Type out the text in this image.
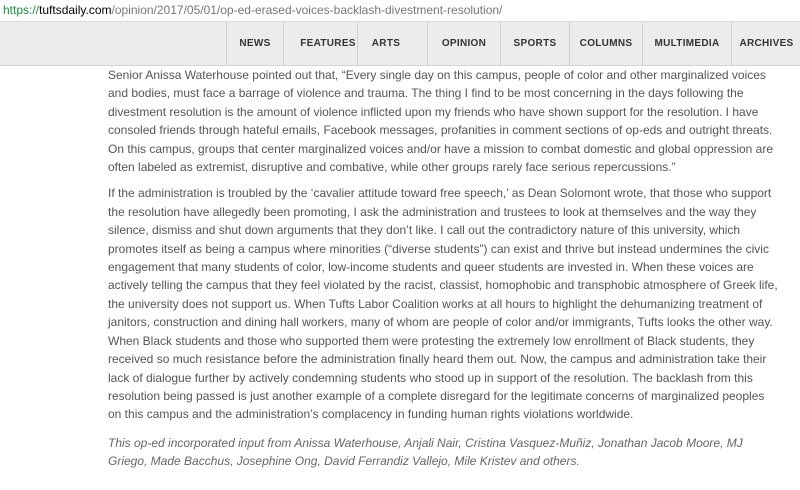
https://tuftsdaily.com/opinion/2017/05/01/op-ed-erased-voices-backlash-divestment-resolution/
NEWS	FEATURES	ARTS	OPINION	SPORTS	COLUMNS	MULTIMEDIA	ARCHIVES

Senior Anissa Waterhouse pointed out that, “Every single day on this campus, people of color and other marginalized voices and bodies, must face a barrage of violence and trauma. The thing I find to be most concerning in the days following the divestment resolution is the amount of violence inflicted upon my friends who have shown support for the resolution. I have consoled friends through hateful emails, Facebook messages, profanities in comment sections of op-eds and outright threats. On this campus, groups that center marginalized voices and/or have a mission to combat domestic and global oppression are often labeled as extremist, disruptive and combative, while other groups rarely face serious repercussions.”

If the administration is troubled by the ‘cavalier attitude toward free speech,’ as Dean Solomont wrote, that those who support the resolution have allegedly been promoting, I ask the administration and trustees to look at themselves and the way they silence, dismiss and shut down arguments that they don’t like. I call out the contradictory nature of this university, which promotes itself as being a campus where minorities (“diverse students”) can exist and thrive but instead undermines the civic engagement that many students of color, low-income students and queer students are invested in. When these voices are actively telling the campus that they feel violated by the racist, classist, homophobic and transphobic atmosphere of Greek life, the university does not support us. When Tufts Labor Coalition works at all hours to highlight the dehumanizing treatment of janitors, construction and dining hall workers, many of whom are people of color and/or immigrants, Tufts looks the other way. When Black students and those who supported them were protesting the extremely low enrollment of Black students, they received so much resistance before the administration finally heard them out. Now, the campus and administration take their lack of dialogue further by actively condemning students who stood up in support of the resolution. The backlash from this resolution being passed is just another example of a complete disregard for the legitimate concerns of marginalized peoples on this campus and the administration’s complacency in funding human rights violations worldwide.

This op-ed incorporated input from Anissa Waterhouse, Anjali Nair, Cristina Vasquez-Muñiz, Jonathan Jacob Moore, MJ Griego, Made Bacchus, Josephine Ong, David Ferrandiz Vallejo, Mile Kristev and others.
